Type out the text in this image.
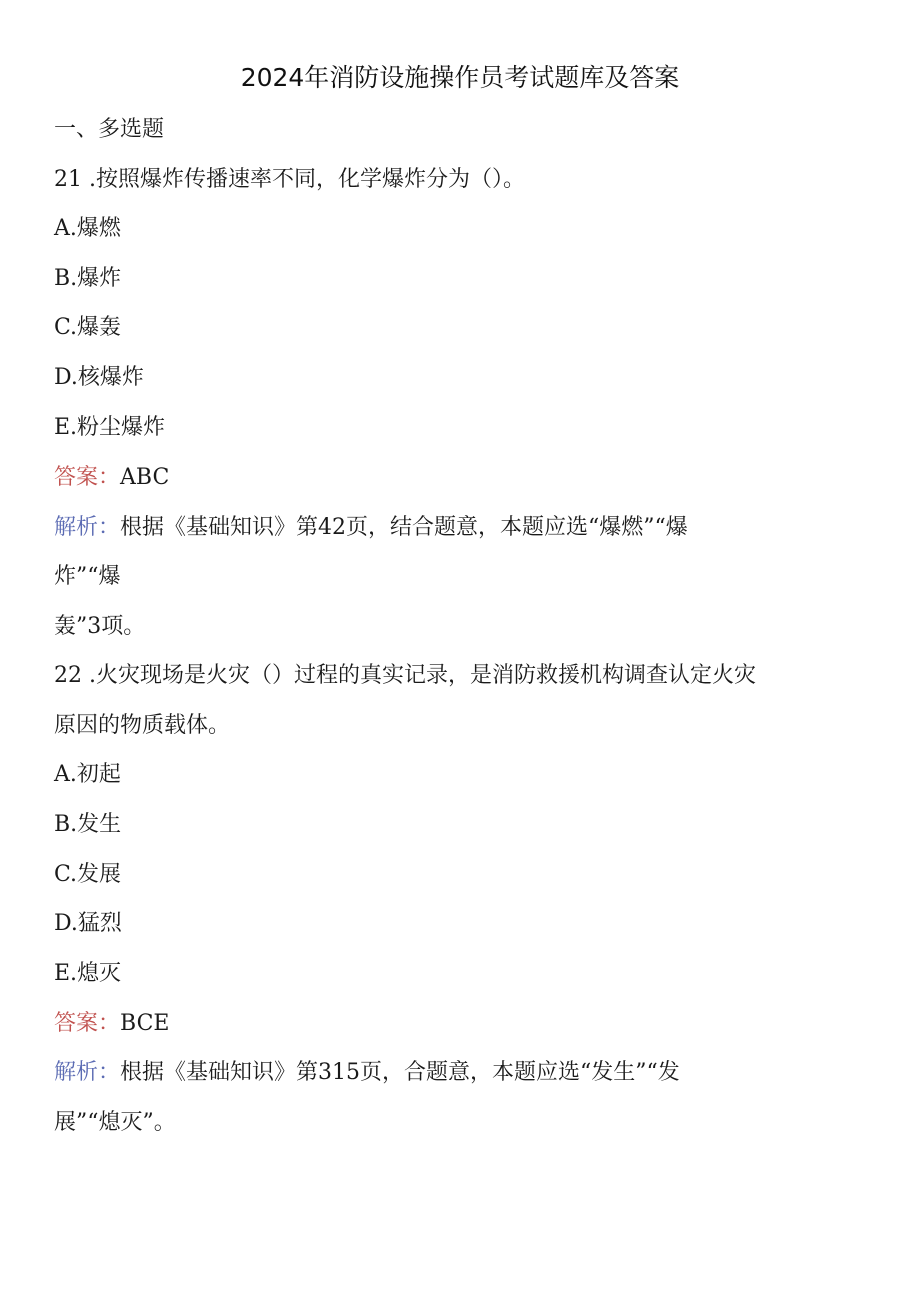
2024年消防设施操作员考试题库及答案
一、多选题
21 .按照爆炸传播速率不同，化学爆炸分为（）。
A.爆燃
B.爆炸
C.爆轰
D.核爆炸
E.粉尘爆炸
答案：ABC
解析：根据《基础知识》第42页，结合题意，本题应选“爆燃”“爆
炸”“爆
轰”3项。
22 .火灾现场是火灾（）过程的真实记录，是消防救援机构调查认定火灾
原因的物质载体。
A.初起
B.发生
C.发展
D.猛烈
E.熄灭
答案：BCE
解析：根据《基础知识》第315页，合题意，本题应选“发生”“发
展”“熄灭”。
